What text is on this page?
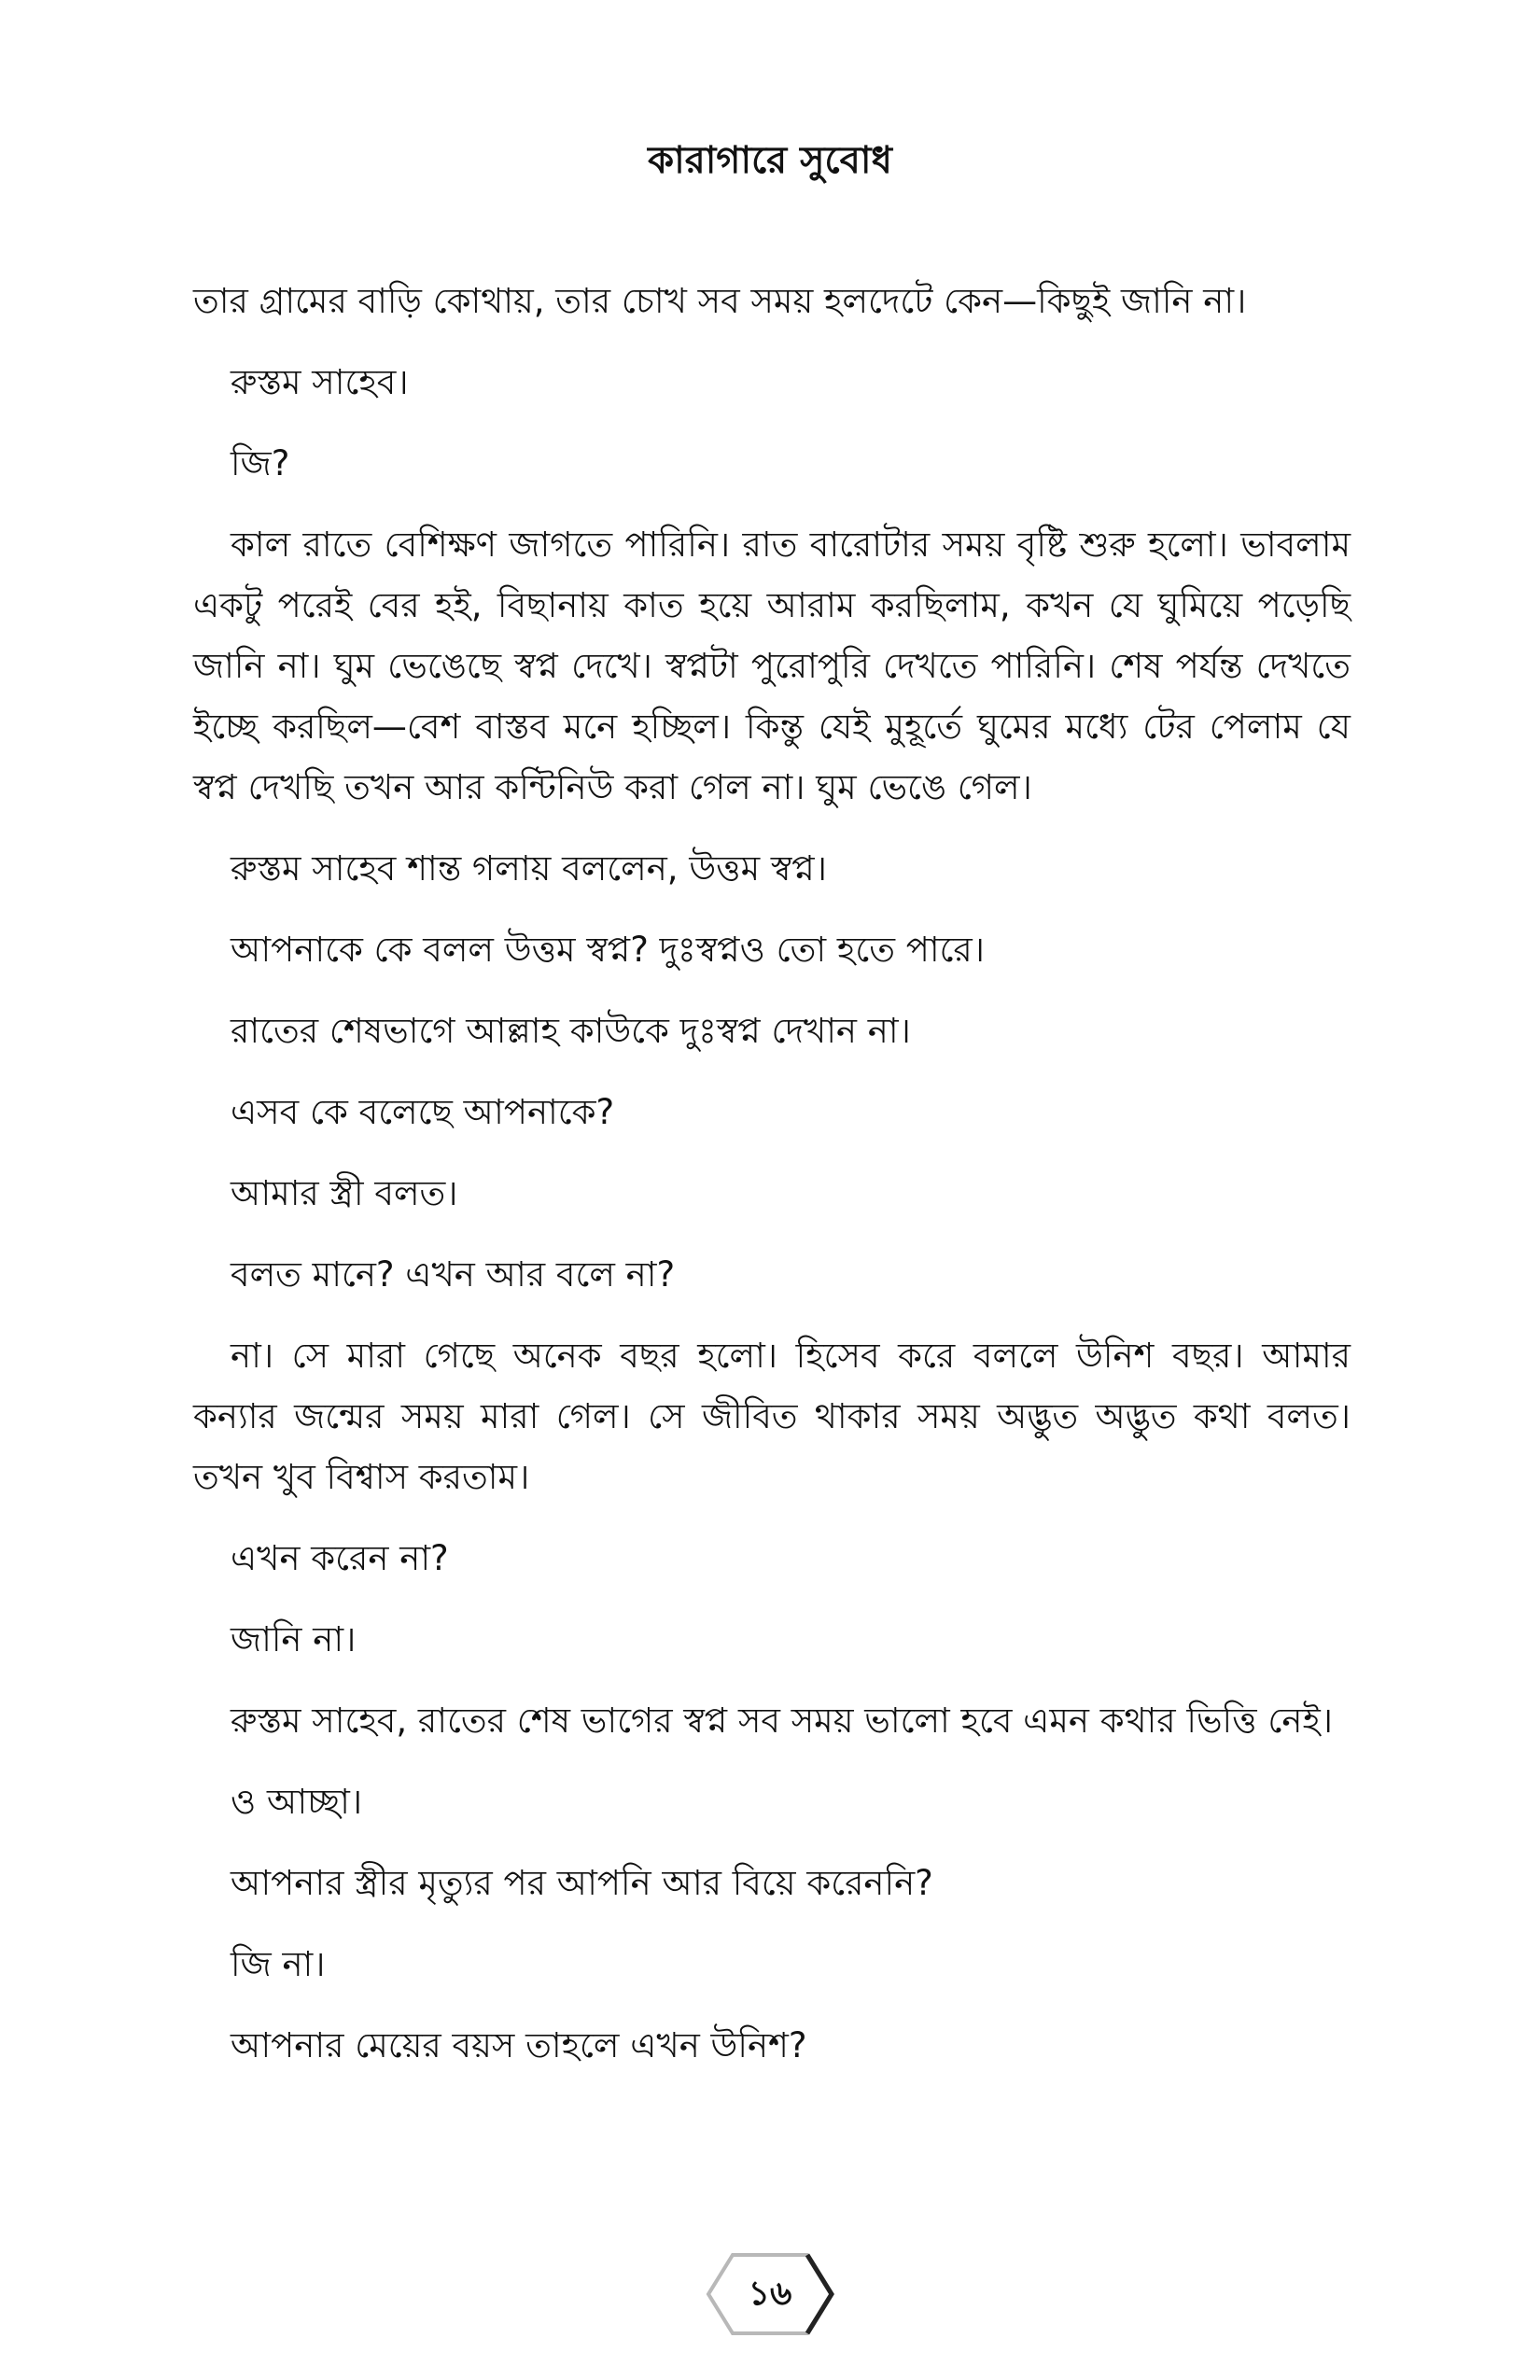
কারাগারে সুবোধ

তার গ্রামের বাড়ি কোথায়, তার চোখ সব সময় হলদেটে কেন—কিছুই জানি না।

রুস্তম সাহেব।

জি?

কাল রাতে বেশিক্ষণ জাগতে পারিনি। রাত বারোটার সময় বৃষ্টি শুরু হলো। ভাবলাম একটু পরেই বের হই, বিছানায় কাত হয়ে আরাম করছিলাম, কখন যে ঘুমিয়ে পড়েছি জানি না। ঘুম ভেঙেছে স্বপ্ন দেখে। স্বপ্নটা পুরোপুরি দেখতে পারিনি। শেষ পর্যন্ত দেখতে ইচ্ছে করছিল—বেশ বাস্তব মনে হচ্ছিল। কিন্তু যেই মুহূর্তে ঘুমের মধ্যে টের পেলাম যে স্বপ্ন দেখছি তখন আর কন্টিনিউ করা গেল না। ঘুম ভেঙে গেল।

রুস্তম সাহেব শান্ত গলায় বললেন, উত্তম স্বপ্ন।

আপনাকে কে বলল উত্তম স্বপ্ন? দুঃস্বপ্নও তো হতে পারে।

রাতের শেষভাগে আল্লাহ কাউকে দুঃস্বপ্ন দেখান না।

এসব কে বলেছে আপনাকে?

আমার স্ত্রী বলত।

বলত মানে? এখন আর বলে না?

না। সে মারা গেছে অনেক বছর হলো। হিসেব করে বললে উনিশ বছর। আমার কন্যার জন্মের সময় মারা গেল। সে জীবিত থাকার সময় অদ্ভুত অদ্ভুত কথা বলত। তখন খুব বিশ্বাস করতাম।

এখন করেন না?

জানি না।

রুস্তম সাহেব, রাতের শেষ ভাগের স্বপ্ন সব সময় ভালো হবে এমন কথার ভিত্তি নেই।

ও আচ্ছা।

আপনার স্ত্রীর মৃত্যুর পর আপনি আর বিয়ে করেননি?

জি না।

আপনার মেয়ের বয়স তাহলে এখন উনিশ?

১৬
